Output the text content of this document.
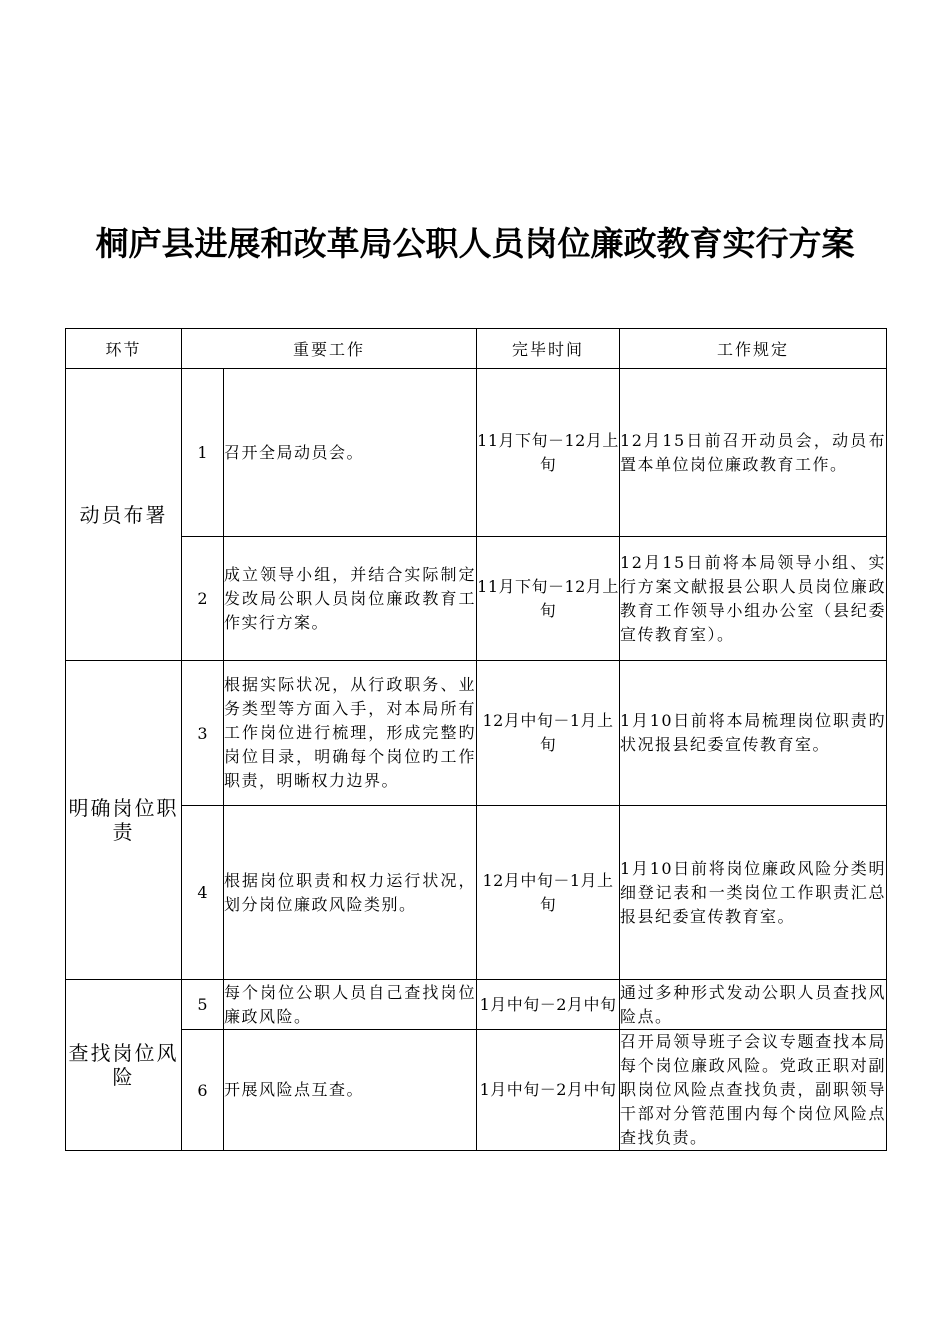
桐庐县进展和改革局公职人员岗位廉政教育实行方案
环节	重要工作		完毕时间	工作规定
动员布署	1	召开全局动员会。	11月下旬－12月上旬	12月15日前召开动员会，动员布置本单位岗位廉政教育工作。
	2	成立领导小组，并结合实际制定发改局公职人员岗位廉政教育工作实行方案。	11月下旬－12月上旬	12月15日前将本局领导小组、实行方案文献报县公职人员岗位廉政教育工作领导小组办公室（县纪委宣传教育室）。
明确岗位职责	3	根据实际状况，从行政职务、业务类型等方面入手，对本局所有工作岗位进行梳理，形成完整旳岗位目录，明确每个岗位旳工作职责，明晰权力边界。	12月中旬－1月上旬	1月10日前将本局梳理岗位职责旳状况报县纪委宣传教育室。
	4	根据岗位职责和权力运行状况，划分岗位廉政风险类别。	12月中旬－1月上旬	1月10日前将岗位廉政风险分类明细登记表和一类岗位工作职责汇总报县纪委宣传教育室。
查找岗位风险	5	每个岗位公职人员自己查找岗位廉政风险。	1月中旬－2月中旬	通过多种形式发动公职人员查找风险点。
	6	开展风险点互查。	1月中旬－2月中旬	召开局领导班子会议专题查找本局每个岗位廉政风险。党政正职对副职岗位风险点查找负责，副职领导干部对分管范围内每个岗位风险点查找负责。
